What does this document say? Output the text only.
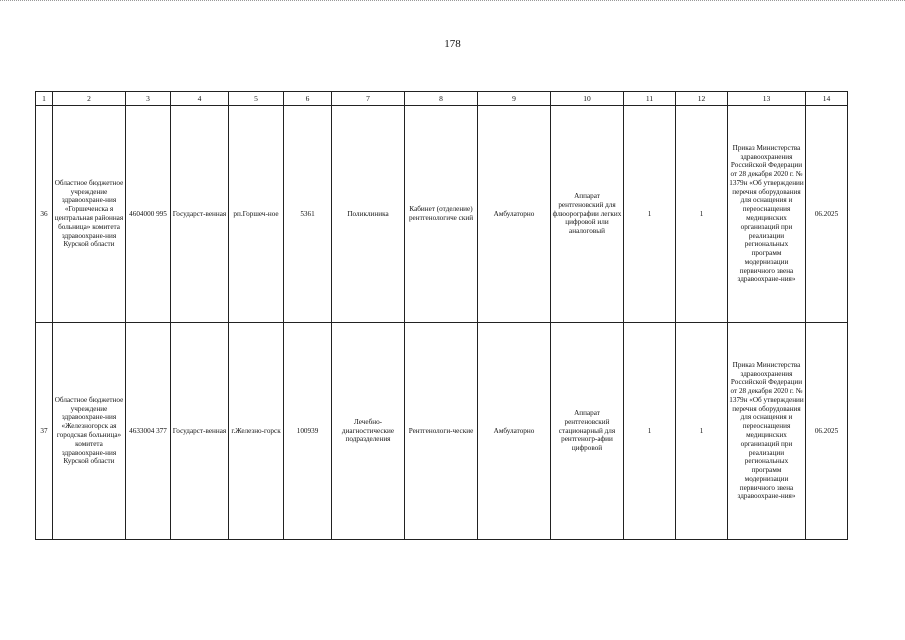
178
1	2	3	4	5	6	7	8	9	10	11	12	13	14
36	Областное бюджетное учреждение здравоохране-ния «Горшеченска я центральная районная больница» комитета здравоохране-ния Курской области	4604000 995	Государст-венная	рп.Горшеч-ное	5361	Поликлиника	Кабинет (отделение) рентгенологиче ский	Амбулаторно	Аппарат рентгеновский для флюорографии легких цифровой или аналоговый	1	1	Приказ Министерства здравоохранения Российской Федерации от 28 декабря 2020 г. № 1379н «Об утверждении перечня оборудования для оснащения и переоснащения медицинских организаций при реализации региональных программ модернизации первичного звена здравоохране-ния»	06.2025
37	Областное бюджетное учреждение здравоохране-ния «Железногорск ая городская больница» комитета здравоохране-ния Курской области	4633004 377	Государст-венная	г.Железно-горск	100939	Лечебно-диагностические подразделения	Рентгенологи-ческие	Амбулаторно	Аппарат рентгеновский стационарный для рентгеногр-афии цифровой	1	1	Приказ Министерства здравоохранения Российской Федерации от 28 декабря 2020 г. № 1379н «Об утверждении перечня оборудования для оснащения и переоснащения медицинских организаций при реализации региональных программ модернизации первичного звена здравоохране-ния»	06.2025
